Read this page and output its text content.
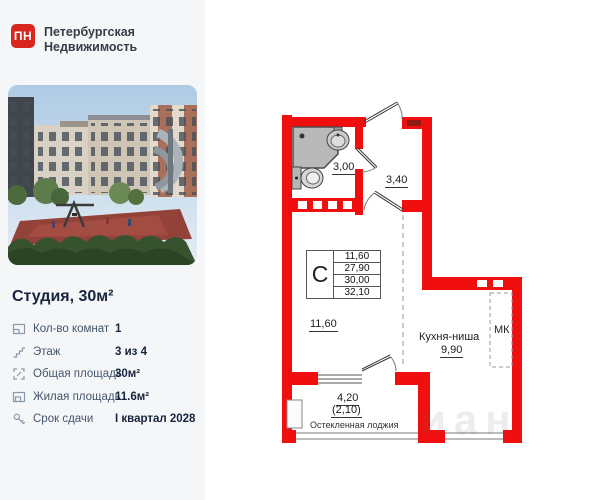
ПН Петербургская
Недвижимость
Студия, 30м²
Кол-во комнат 1
Этаж	3 из 4
Общая площадь
30м²
Жилая площадь
11.6м²
Срок сдачи I квартал 2028
3,00
3,40
С
11,60
27,90
30,00
32,10
11,60
Кухня-ниша
9,90
МК
4,20
(2,10)
Остекленная лоджия иан
